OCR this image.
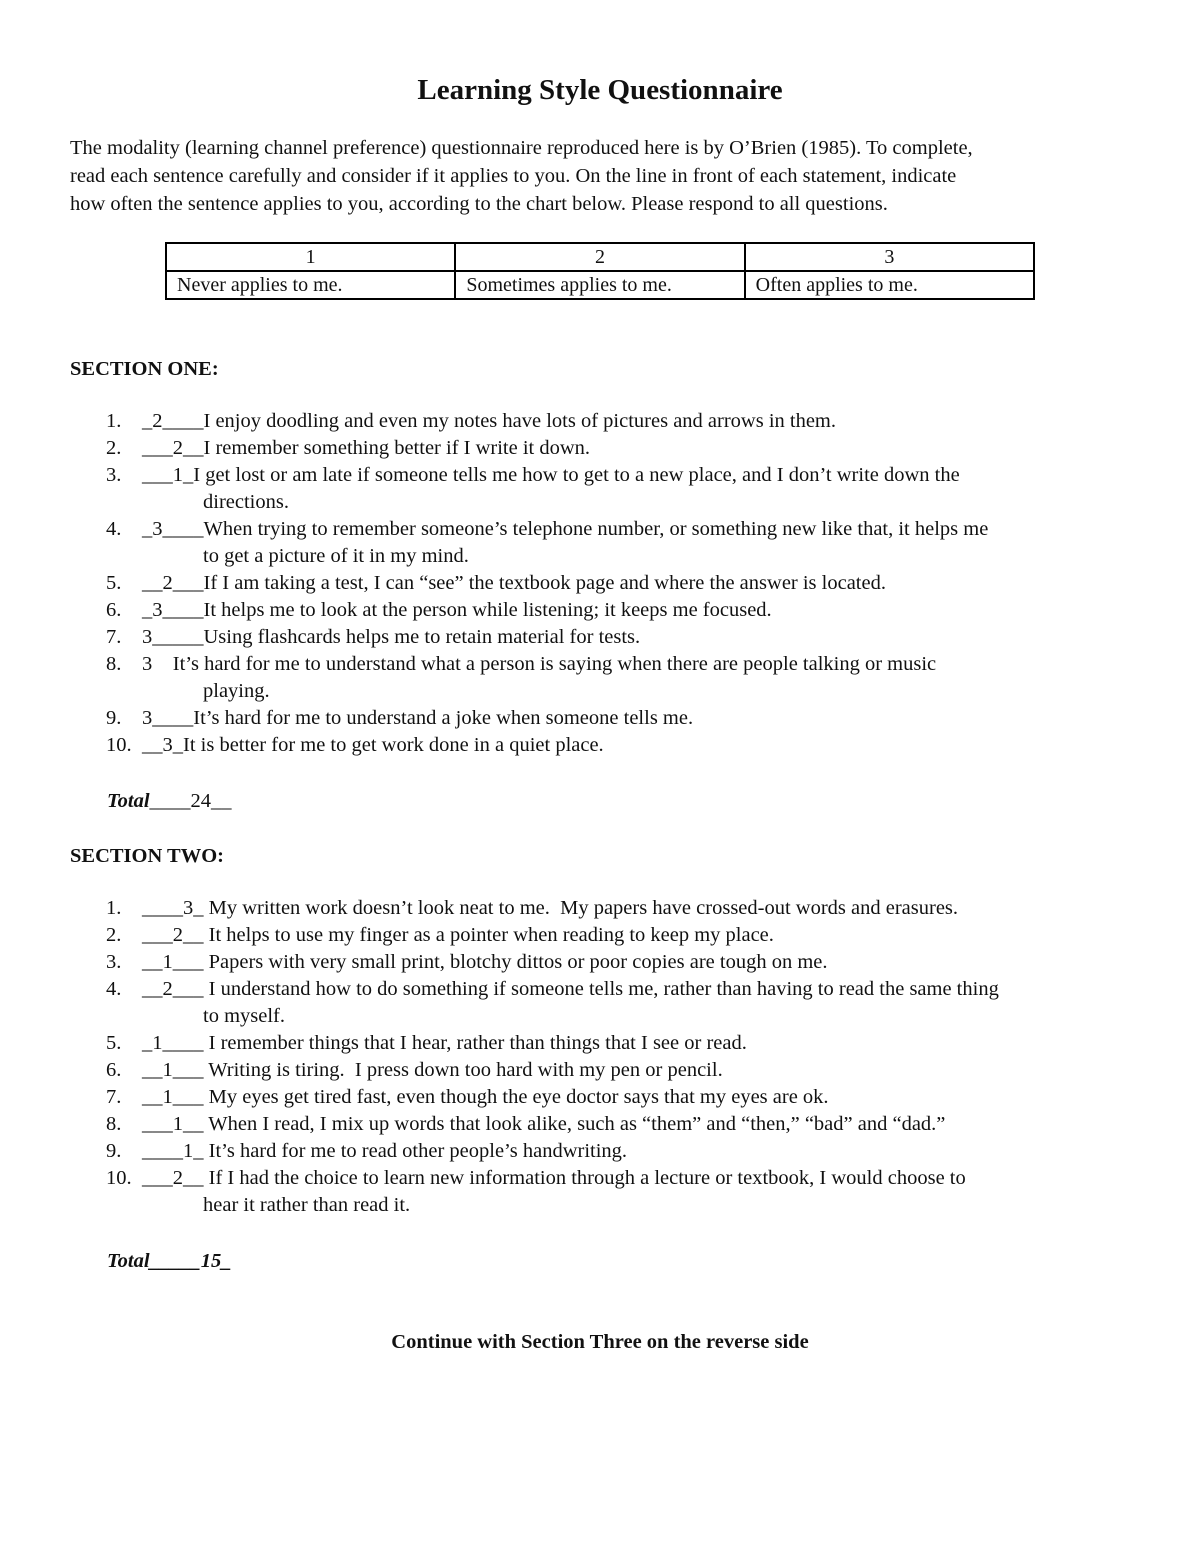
Learning Style Questionnaire
The modality (learning channel preference) questionnaire reproduced here is by O’Brien (1985). To complete,
read each sentence carefully and consider if it applies to you. On the line in front of each statement, indicate
how often the sentence applies to you, according to the chart below. Please respond to all questions.
1	2	3
Never applies to me.	Sometimes applies to me.	Often applies to me.
SECTION ONE:
1. _2____I enjoy doodling and even my notes have lots of pictures and arrows in them.
2. ___2__I remember something better if I write it down.
3. ___1_I get lost or am late if someone tells me how to get to a new place, and I don’t write down the
directions.
4. _3____When trying to remember someone’s telephone number, or something new like that, it helps me
to get a picture of it in my mind.
5. __2___If I am taking a test, I can “see” the textbook page and where the answer is located.
6. _3____It helps me to look at the person while listening; it keeps me focused.
7. 3_____Using flashcards helps me to retain material for tests.
8. 3    It’s hard for me to understand what a person is saying when there are people talking or music
playing.
9. 3____It’s hard for me to understand a joke when someone tells me.
10. __3_It is better for me to get work done in a quiet place.
Total____24__
SECTION TWO:
1. ____3_ My written work doesn’t look neat to me.  My papers have crossed-out words and erasures.
2. ___2__ It helps to use my finger as a pointer when reading to keep my place.
3. __1___ Papers with very small print, blotchy dittos or poor copies are tough on me.
4. __2___ I understand how to do something if someone tells me, rather than having to read the same thing
to myself.
5. _1____ I remember things that I hear, rather than things that I see or read.
6. __1___ Writing is tiring.  I press down too hard with my pen or pencil.
7. __1___ My eyes get tired fast, even though the eye doctor says that my eyes are ok.
8. ___1__ When I read, I mix up words that look alike, such as “them” and “then,” “bad” and “dad.”
9. ____1_ It’s hard for me to read other people’s handwriting.
10. ___2__ If I had the choice to learn new information through a lecture or textbook, I would choose to
hear it rather than read it.
Total_____15_
Continue with Section Three on the reverse side
